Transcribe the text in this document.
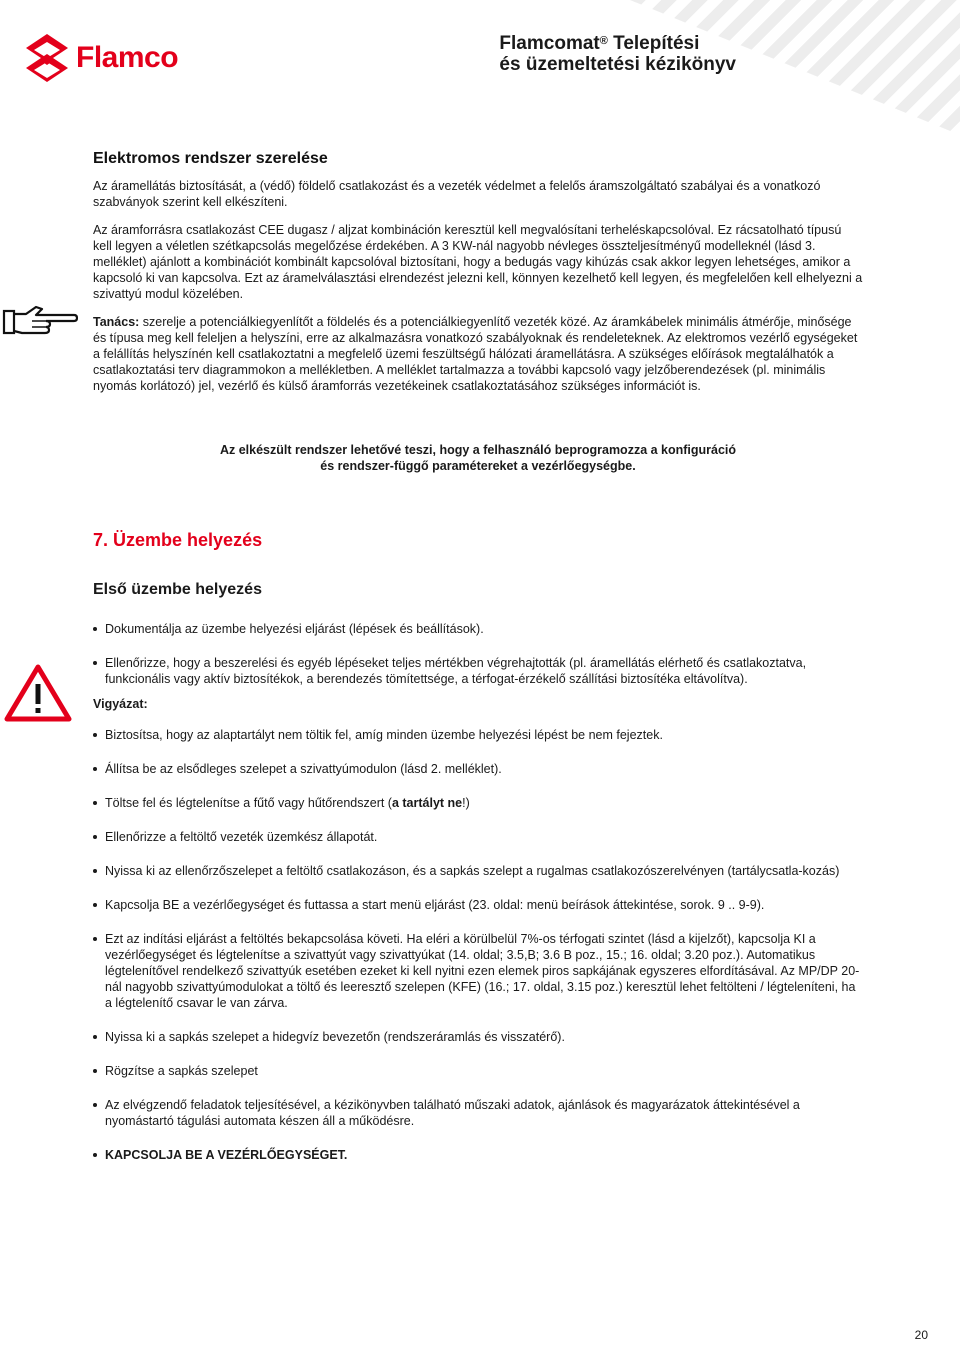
Flamco	Flamcomat® Telepítési
és üzemeltetési kézikönyv
Elektromos rendszer szerelése

Az áramellátás biztosítását, a (védő) földelő csatlakozást és a vezeték védelmet a felelős áramszolgáltató szabályai és a vonatkozó szabványok szerint kell elkészíteni.

Az áramforrásra csatlakozást CEE dugasz / aljzat kombináción keresztül kell megvalósítani terheléskapcsolóval. Ez rácsatolható típusú kell legyen a véletlen szétkapcsolás megelőzése érdekében. A 3 KW-nál nagyobb névleges összteljesítményű modelleknél (lásd 3. melléklet) ajánlott a kombinációt kombinált kapcsolóval biztosítani, hogy a bedugás vagy kihúzás csak akkor legyen lehetséges, amikor a kapcsoló ki van kapcsolva. Ezt az áramelválasztási elrendezést jelezni kell, könnyen kezelhető kell legyen, és megfelelően kell elhelyezni a szivattyú modul közelében.

Tanács: szerelje a potenciálkiegyenlítőt a földelés és a potenciálkiegyenlítő vezeték közé. Az áramkábelek minimális átmérője, minősége és típusa meg kell feleljen a helyszíni, erre az alkalmazásra vonatkozó szabályoknak és rendeleteknek. Az elektromos vezérlő egységeket a felállítás helyszínén kell csatlakoztatni a megfelelő üzemi feszültségű hálózati áramellátásra. A szükséges előírások megtalálhatók a csatlakoztatási terv diagrammokon a mellékletben. A melléklet tartalmazza a további kapcsoló vagy jelzőberendezések (pl. minimális nyomás korlátozó) jel, vezérlő és külső áramforrás vezetékeinek csatlakoztatásához szükséges információt is.

Az elkészült rendszer lehetővé teszi, hogy a felhasználó beprogramozza a konfiguráció
és rendszer-függő paramétereket a vezérlőegységbe.
7. Üzembe helyezés
Első üzembe helyezés
Dokumentálja az üzembe helyezési eljárást (lépések és beállítások).
Ellenőrizze, hogy a beszerelési és egyéb lépéseket teljes mértékben végrehajtották (pl. áramellátás elérhető és csatlakoztatva, funkcionális vagy aktív biztosítékok, a berendezés tömítettsége, a térfogat-érzékelő szállítási biztosítéka eltávolítva).
Vigyázat:
Biztosítsa, hogy az alaptartályt nem töltik fel, amíg minden üzembe helyezési lépést be nem fejeztek.
Állítsa be az elsődleges szelepet a szivattyúmodulon (lásd 2. melléklet).
Töltse fel és légtelenítse a fűtő vagy hűtőrendszert (a tartályt ne!)
Ellenőrizze a feltöltő vezeték üzemkész állapotát.
Nyissa ki az ellenőrzőszelepet a feltöltő csatlakozáson, és a sapkás szelept a rugalmas csatlakozószerelvényen (tartálycsatla-kozás)
Kapcsolja BE a vezérlőegységet és futtassa a start menü eljárást (23. oldal: menü beírások áttekintése, sorok. 9 .. 9-9).
Ezt az indítási eljárást a feltöltés bekapcsolása követi. Ha eléri a körülbelül 7%-os térfogati szintet (lásd a kijelzőt), kapcsolja KI a vezérlőegységet és légtelenítse a szivattyút vagy szivattyúkat (14. oldal; 3.5,B; 3.6 B poz., 15.; 16. oldal; 3.20 poz.). Automatikus légtelenítővel rendelkező szivattyúk esetében ezeket ki kell nyitni ezen elemek piros sapkájának egyszeres elfordításával. Az MP/DP 20-nál nagyobb szivattyúmodulokat a töltő és leeresztő szelepen (KFE) (16.; 17. oldal, 3.15 poz.) keresztül lehet feltölteni / légteleníteni, ha a légtelenítő csavar le van zárva.
Nyissa ki a sapkás szelepet a hidegvíz bevezetőn (rendszeráramlás és visszatérő).
Rögzítse a sapkás szelepet
Az elvégzendő feladatok teljesítésével, a kézikönyvben található műszaki adatok, ajánlások és magyarázatok áttekintésével a nyomástartó tágulási automata készen áll a működésre.
KAPCSOLJA BE A VEZÉRLŐEGYSÉGET.
20
